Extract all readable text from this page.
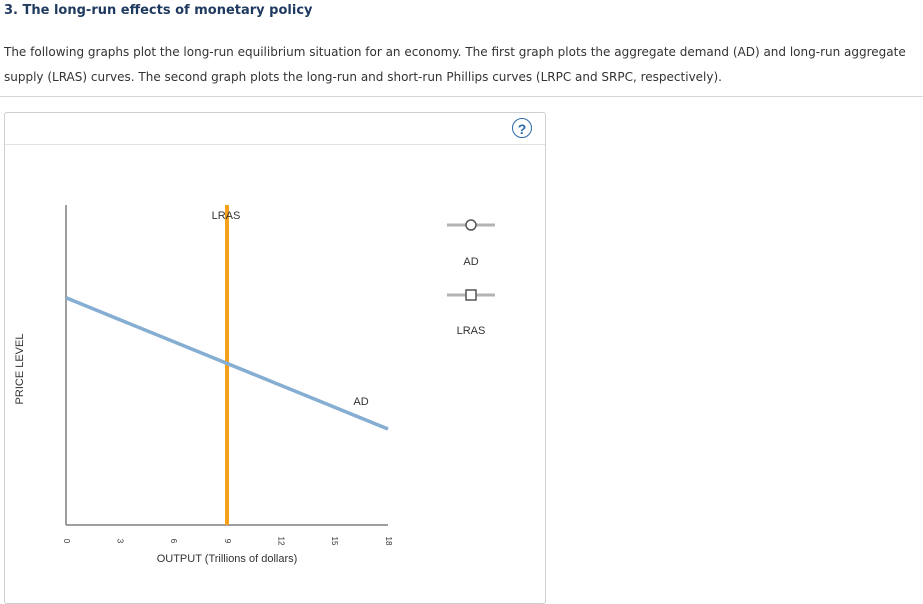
3. The long-run effects of monetary policy
The following graphs plot the long-run equilibrium situation for an economy. The first graph plots the aggregate demand (AD) and long-run aggregate supply (LRAS) curves. The second graph plots the long-run and short-run Phillips curves (LRPC and SRPC, respectively).
?
0	3	6	9	12	15	18
OUTPUT (Trillions of dollars)
PRICE LEVEL
LRAS
AD
AD
LRAS
